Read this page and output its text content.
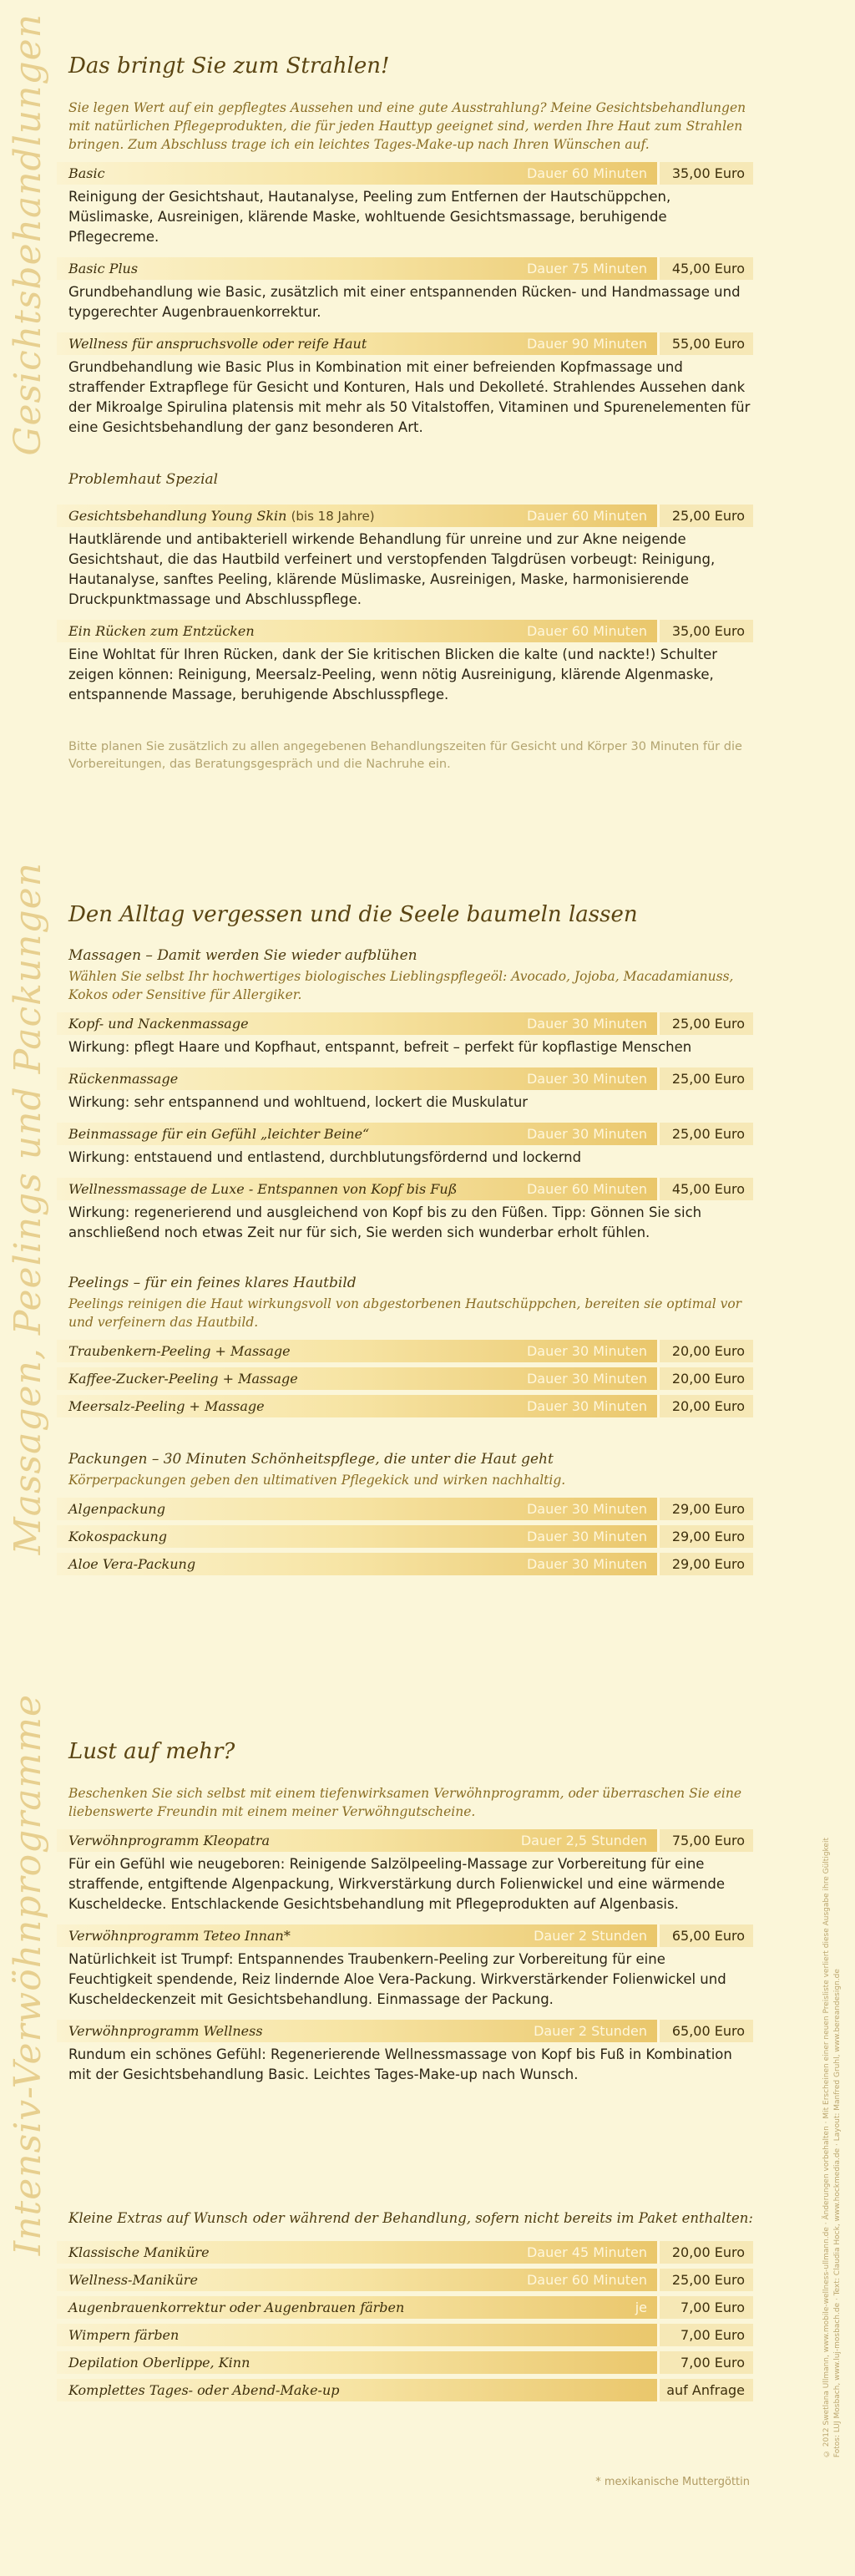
Gesichtsbehandlungen
Massagen, Peelings und Packungen
Intensiv-Verwöhnprogramme	© 2012 Swetlana Ullmann, www.mobile-wellness-ullmann.de · Änderungen vorbehalten · Mit Erscheinen einer neuen Preisliste verliert diese Ausgabe ihre Gültigkeit Fotos: LUJ Mosbach, www.luj-mosbach.de · Text: Claudia Hock, www.hockmedia.de · Layout: Manfred Gruhl, www.bereandesign.de
Das bringt Sie zum Strahlen!

Sie legen Wert auf ein gepflegtes Aussehen und eine gute Ausstrahlung? Meine Gesichtsbehandlungen mit natürlichen Pflegeprodukten, die für jeden Hauttyp geeignet sind, werden Ihre Haut zum Strahlen bringen. Zum Abschluss trage ich ein leichtes Tages-Make-up nach Ihren Wünschen auf.

Basic	Dauer 60 Minuten	35,00 Euro

Reinigung der Gesichtshaut, Hautanalyse, Peeling zum Entfernen der Hautschüppchen, Müslimaske, Ausreinigen, klärende Maske, wohltuende Gesichtsmassage, beruhigende Pflegecreme.

Basic Plus	Dauer 75 Minuten	45,00 Euro

Grundbehandlung wie Basic, zusätzlich mit einer entspannenden Rücken- und Handmassage und typgerechter Augenbrauenkorrektur.

Wellness für anspruchsvolle oder reife Haut	Dauer 90 Minuten	55,00 Euro

Grundbehandlung wie Basic Plus in Kombination mit einer befreienden Kopfmassage und straffender Extrapflege für Gesicht und Konturen, Hals und Dekolleté. Strahlendes Aussehen dank der Mikroalge Spirulina platensis mit mehr als 50 Vitalstoffen, Vitaminen und Spurenelementen für eine Gesichtsbehandlung der ganz besonderen Art.

Problemhaut Spezial

Gesichtsbehandlung Young Skin (bis 18 Jahre)	Dauer 60 Minuten	25,00 Euro

Hautklärende und antibakteriell wirkende Behandlung für unreine und zur Akne neigende Gesichtshaut, die das Hautbild verfeinert und verstopfenden Talgdrüsen vorbeugt: Reinigung, Hautanalyse, sanftes Peeling, klärende Müslimaske, Ausreinigen, Maske, harmonisierende Druckpunktmassage und Abschlusspflege.

Ein Rücken zum Entzücken	Dauer 60 Minuten	35,00 Euro

Eine Wohltat für Ihren Rücken, dank der Sie kritischen Blicken die kalte (und nackte!) Schulter zeigen können: Reinigung, Meersalz-Peeling, wenn nötig Ausreinigung, klärende Algenmaske, entspannende Massage, beruhigende Abschlusspflege.

Bitte planen Sie zusätzlich zu allen angegebenen Behandlungszeiten für Gesicht und Körper 30 Minuten für die Vorbereitungen, das Beratungsgespräch und die Nachruhe ein.

Den Alltag vergessen und die Seele baumeln lassen

Massagen – Damit werden Sie wieder aufblühen

Wählen Sie selbst Ihr hochwertiges biologisches Lieblingspflegeöl: Avocado, Jojoba, Macadamianuss, Kokos oder Sensitive für Allergiker.

Kopf- und Nackenmassage	Dauer 30 Minuten	25,00 Euro

Wirkung: pflegt Haare und Kopfhaut, entspannt, befreit – perfekt für kopflastige Menschen

Rückenmassage	Dauer 30 Minuten	25,00 Euro

Wirkung: sehr entspannend und wohltuend, lockert die Muskulatur

Beinmassage für ein Gefühl „leichter Beine“	Dauer 30 Minuten	25,00 Euro

Wirkung: entstauend und entlastend, durchblutungsfördernd und lockernd

Wellnessmassage de Luxe - Entspannen von Kopf bis Fuß	Dauer 60 Minuten	45,00 Euro

Wirkung: regenerierend und ausgleichend von Kopf bis zu den Füßen. Tipp: Gönnen Sie sich anschließend noch etwas Zeit nur für sich, Sie werden sich wunderbar erholt fühlen.

Peelings – für ein feines klares Hautbild

Peelings reinigen die Haut wirkungsvoll von abgestorbenen Hautschüppchen, bereiten sie optimal vor und verfeinern das Hautbild.

Traubenkern-Peeling + Massage	Dauer 30 Minuten	20,00 Euro
Kaffee-Zucker-Peeling + Massage	Dauer 30 Minuten	20,00 Euro
Meersalz-Peeling + Massage	Dauer 30 Minuten	20,00 Euro

Packungen – 30 Minuten Schönheitspflege, die unter die Haut geht

Körperpackungen geben den ultimativen Pflegekick und wirken nachhaltig.

Algenpackung	Dauer 30 Minuten	29,00 Euro
Kokospackung	Dauer 30 Minuten	29,00 Euro
Aloe Vera-Packung	Dauer 30 Minuten	29,00 Euro
Lust auf mehr?

Beschenken Sie sich selbst mit einem tiefenwirksamen Verwöhnprogramm, oder überraschen Sie eine liebenswerte Freundin mit einem meiner Verwöhngutscheine.

Verwöhnprogramm Kleopatra	Dauer 2,5 Stunden	75,00 Euro

Für ein Gefühl wie neugeboren: Reinigende Salzölpeeling-Massage zur Vorbereitung für eine straffende, entgiftende Algenpackung, Wirkverstärkung durch Folienwickel und eine wärmende Kuscheldecke. Entschlackende Gesichtsbehandlung mit Pflegeprodukten auf Algenbasis.

Verwöhnprogramm Teteo Innan*	Dauer 2 Stunden	65,00 Euro

Natürlichkeit ist Trumpf: Entspannendes Traubenkern-Peeling zur Vorbereitung für eine Feuchtigkeit spendende, Reiz lindernde Aloe Vera-Packung. Wirkverstärkender Folienwickel und Kuscheldeckenzeit mit Gesichtsbehandlung. Einmassage der Packung.

Verwöhnprogramm Wellness	Dauer 2 Stunden	65,00 Euro

Rundum ein schönes Gefühl: Regenerierende Wellnessmassage von Kopf bis Fuß in Kombination mit der Gesichtsbehandlung Basic. Leichtes Tages-Make-up nach Wunsch.

Kleine Extras auf Wunsch oder während der Behandlung, sofern nicht bereits im Paket enthalten:

Klassische Maniküre	Dauer 45 Minuten	20,00 Euro
Wellness-Maniküre	Dauer 60 Minuten	25,00 Euro
Augenbrauenkorrektur oder Augenbrauen färben	je	7,00 Euro
Wimpern färben	7,00 Euro
Depilation Oberlippe, Kinn	7,00 Euro
Komplettes Tages- oder Abend-Make-up	auf Anfrage
* mexikanische Muttergöttin
